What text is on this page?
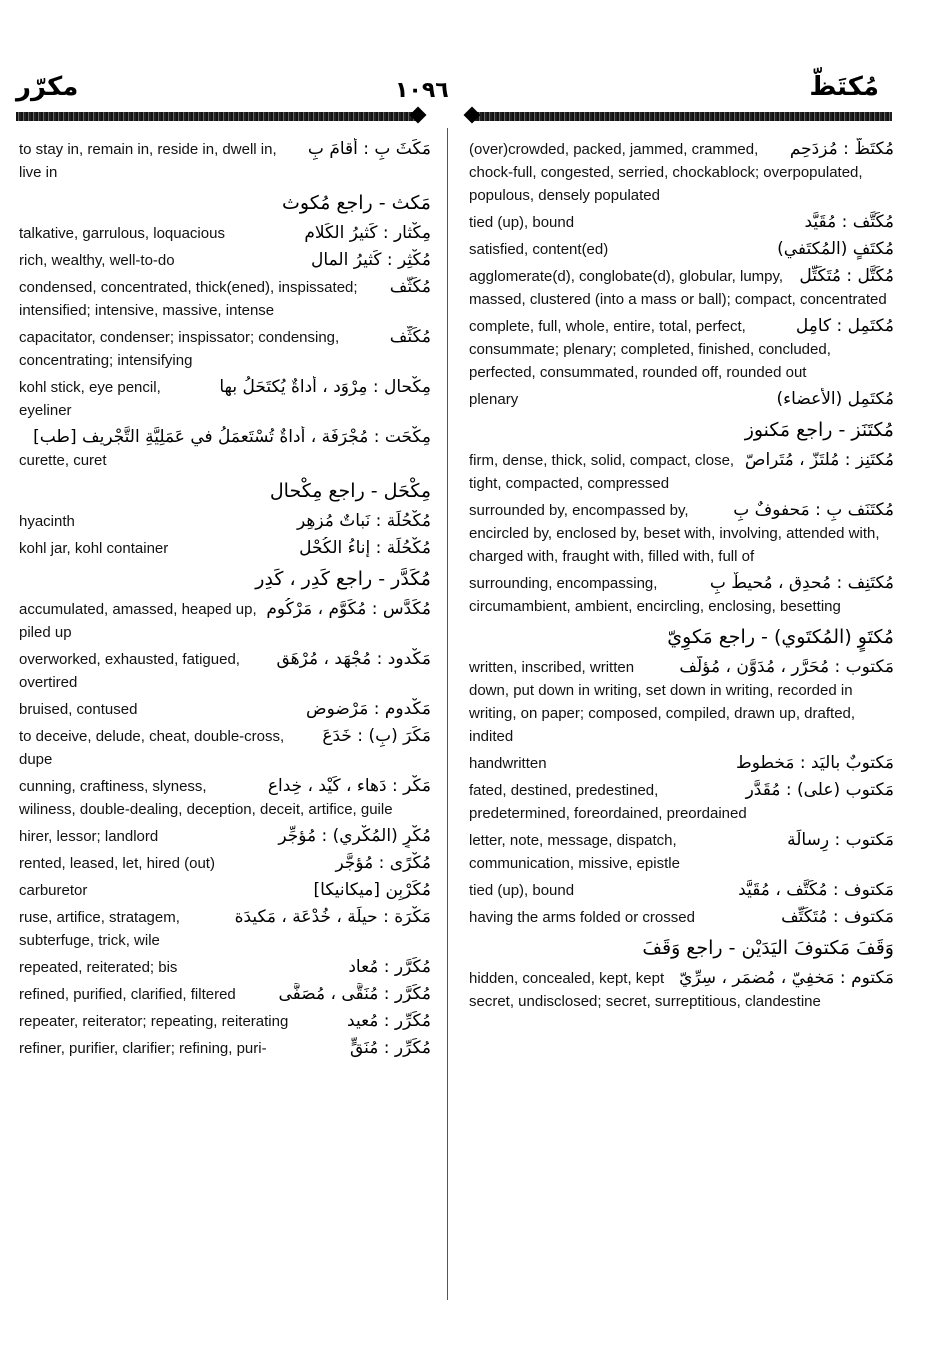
مكرّر	١٠٩٦	مُكتَظّ
مَكَثَ بِ : أقامَ بِ
to stay in, remain in, reside in, dwell in, live in
مَكث - راجع مُكوث
مِكْثار : كَثيرُ الكَلام
talkative, garrulous, loquacious
مُكْثِر : كَثيرُ المال
rich, wealthy, well-to-do
مُكَثَّف
condensed, concentrated, thick(ened), inspissated; intensified; intensive, massive, intense
مُكَثِّف
capacitator, condenser; inspissator; condensing, concentrating; intensifying
مِكْحال : مِرْوَد ، أداةٌ يُكتَحَلُ بها
kohl stick, eye pencil, eyeliner
مِكْحَت : مُجْرَفَة ، أداةٌ تُسْتَعمَلُ في عَمَلِيَّةِ التَّجْريف [طب]
curette, curet
مِكْحَل - راجع مِكْحال
مُكْحُلَة : نَباتٌ مُزهِر
hyacinth
مُكْحُلَة : إناءُ الكُحْل
kohl jar, kohl container
مُكَدَّر - راجع كَدِر ، كَدِر
مُكَدَّس : مُكَوَّم ، مَرْكُوم
accumulated, amassed, heaped up, piled up
مَكْدود : مُجْهَد ، مُرْهَق
overworked, exhausted, fatigued, overtired
مَكْدوم : مَرْضوض
bruised, contused
مَكَرَ (بِ) : خَدَعَ
to deceive, delude, cheat, double-cross, dupe
مَكْر : دَهاء ، كَيْد ، خِداع
cunning, craftiness, slyness, wiliness, double-dealing, deception, deceit, artifice, guile
مُكْرٍ (المُكْري) : مُؤجِّر
hirer, lessor; landlord
مُكْرًى : مُؤجَّر
rented, leased, let, hired (out)
مُكَرْبِن [ميكانيكا]
carburetor
مَكْرَة : حيلَة ، خُدْعَة ، مَكيدَة
ruse, artifice, stratagem, subterfuge, trick, wile
مُكَرَّر : مُعاد
repeated, reiterated; bis
مُكَرَّر : مُنَقًّى ، مُصَفًّى
refined, purified, clarified, filtered
مُكَرِّر : مُعيد
repeater, reiterator; repeating, reiterating
مُكَرِّر : مُنَقٍّ
refiner, purifier, clarifier; refining, puri-
مُكتَظّ : مُزدَحِم
(over)crowded, packed, jammed, crammed, chock-full, congested, serried, chockablock; overpopulated, populous, densely populated
مُكَتَّف : مُقَيَّد
tied (up), bound
مُكتَفٍ (المُكتَفي)
satisfied, content(ed)
مُكَتَّل : مُتَكَتِّل
agglomerate(d), conglobate(d), globular, lumpy, massed, clustered (into a mass or ball); compact, concentrated
مُكتَمِل : كامِل
complete, full, whole, entire, total, perfect, consummate; plenary; completed, finished, concluded, perfected, consummated, rounded off, rounded out
مُكتَمِل (الأعضاء)
plenary
مُكتَنَز - راجع مَكنوز
مُكتَنِز : مُلتَزّ ، مُتَراصّ
firm, dense, thick, solid, compact, close, tight, compacted, compressed
مُكتَنَف بِ : مَحفوفٌ بِ
surrounded by, encompassed by, encircled by, enclosed by, beset with, involving, attended with, charged with, fraught with, filled with, full of
مُكتَنِف : مُحدِق ، مُحيطٌ بِ
surrounding, encompassing, circumambient, ambient, encircling, enclosing, besetting
مُكتَوٍ (المُكتَوي) - راجع مَكوِيّ
مَكتوب : مُحَرَّر ، مُدَوَّن ، مُؤلَّف
written, inscribed, written down, put down in writing, set down in writing, recorded in writing, on paper; composed, compiled, drawn up, drafted, indited
مَكتوبٌ باليَد : مَخطوط
handwritten
مَكتوب (على) : مُقَدَّر
fated, destined, predestined, predetermined, foreordained, preordained
مَكتوب : رِسالَة
letter, note, message, dispatch, communication, missive, epistle
مَكتوف : مُكَتَّف ، مُقَيَّد
tied (up), bound
مَكتوف : مُتَكَتِّف
having the arms folded or crossed
وَقَفَ مَكتوفَ اليَدَيْن - راجع وَقَفَ
مَكتوم : مَخفِيّ ، مُضمَر ، سِرِّيّ
hidden, concealed, kept, kept secret, undisclosed; secret, surreptitious, clandestine
